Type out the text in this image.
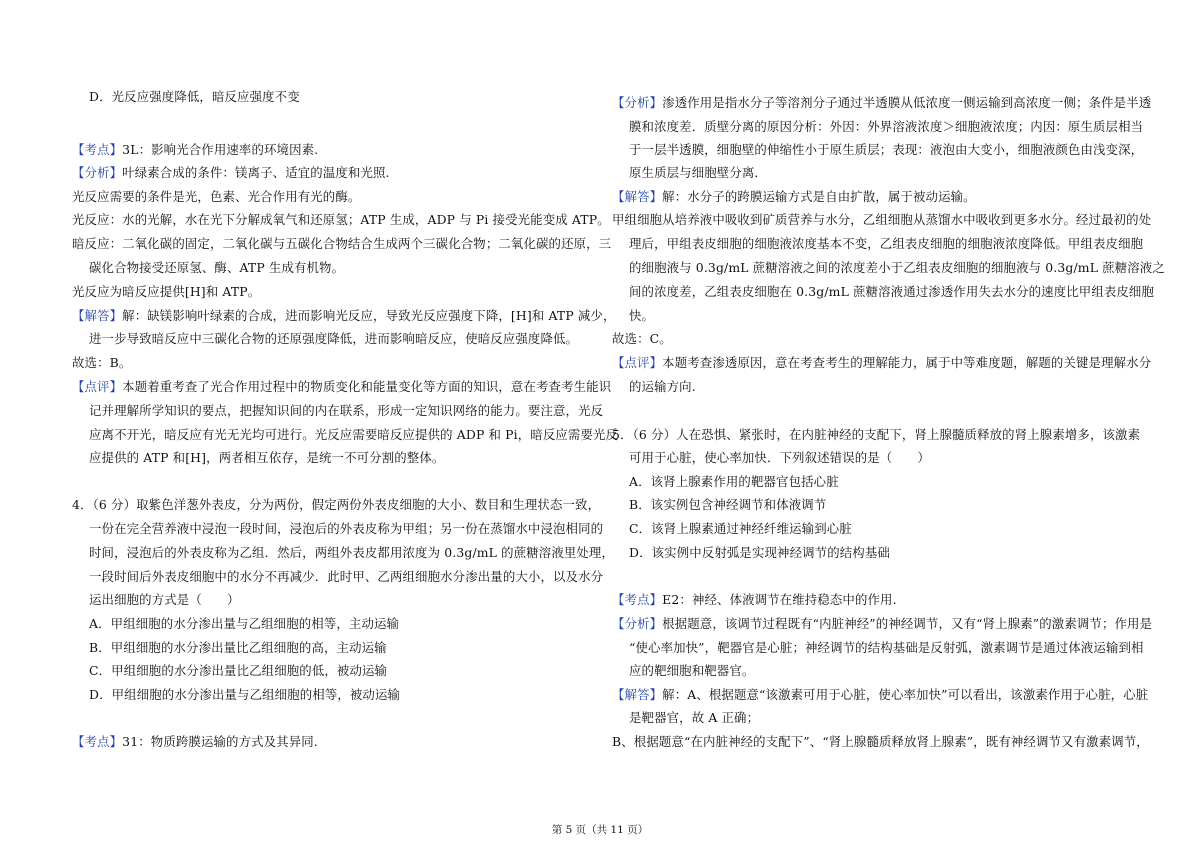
D．光反应强度降低，暗反应强度不变
【考点】3L：影响光合作用速率的环境因素.
【分析】叶绿素合成的条件：镁离子、适宜的温度和光照.
光反应需要的条件是光，色素、光合作用有光的酶。
光反应：水的光解，水在光下分解成氧气和还原氢；ATP 生成，ADP 与 Pi 接受光能变成 ATP。
暗反应：二氧化碳的固定，二氧化碳与五碳化合物结合生成两个三碳化合物；二氧化碳的还原，三
碳化合物接受还原氢、酶、ATP 生成有机物。
光反应为暗反应提供[H]和 ATP。
【解答】解：缺镁影响叶绿素的合成，进而影响光反应，导致光反应强度下降，[H]和 ATP 减少，
进一步导致暗反应中三碳化合物的还原强度降低，进而影响暗反应，使暗反应强度降低。
故选：B。
【点评】本题着重考查了光合作用过程中的物质变化和能量变化等方面的知识，意在考查考生能识
记并理解所学知识的要点，把握知识间的内在联系，形成一定知识网络的能力。要注意，光反
应离不开光，暗反应有光无光均可进行。光反应需要暗反应提供的 ADP 和 Pi，暗反应需要光反
应提供的 ATP 和[H]，两者相互依存，是统一不可分割的整体。
4．（6 分）取紫色洋葱外表皮，分为两份，假定两份外表皮细胞的大小、数目和生理状态一致，
一份在完全营养液中浸泡一段时间，浸泡后的外表皮称为甲组；另一份在蒸馏水中浸泡相同的
时间，浸泡后的外表皮称为乙组．然后，两组外表皮都用浓度为 0.3g/mL 的蔗糖溶液里处理，
一段时间后外表皮细胞中的水分不再减少．此时甲、乙两组细胞水分渗出量的大小，以及水分
运出细胞的方式是（　　）
A．甲组细胞的水分渗出量与乙组细胞的相等，主动运输
B．甲组细胞的水分渗出量比乙组细胞的高，主动运输
C．甲组细胞的水分渗出量比乙组细胞的低，被动运输
D．甲组细胞的水分渗出量与乙组细胞的相等，被动运输
【考点】31：物质跨膜运输的方式及其异同.
【分析】渗透作用是指水分子等溶剂分子通过半透膜从低浓度一侧运输到高浓度一侧；条件是半透
膜和浓度差．质壁分离的原因分析：外因：外界溶液浓度＞细胞液浓度；内因：原生质层相当
于一层半透膜，细胞壁的伸缩性小于原生质层；表现：液泡由大变小，细胞液颜色由浅变深，
原生质层与细胞壁分离．
【解答】解：水分子的跨膜运输方式是自由扩散，属于被动运输。
甲组细胞从培养液中吸收到矿质营养与水分，乙组细胞从蒸馏水中吸收到更多水分。经过最初的处
理后，甲组表皮细胞的细胞液浓度基本不变，乙组表皮细胞的细胞液浓度降低。甲组表皮细胞
的细胞液与 0.3g/mL 蔗糖溶液之间的浓度差小于乙组表皮细胞的细胞液与 0.3g/mL 蔗糖溶液之
间的浓度差，乙组表皮细胞在 0.3g/mL 蔗糖溶液通过渗透作用失去水分的速度比甲组表皮细胞
快。
故选：C。
【点评】本题考查渗透原因，意在考查考生的理解能力，属于中等难度题，解题的关键是理解水分
的运输方向.
5．（6 分）人在恐惧、紧张时，在内脏神经的支配下，肾上腺髓质释放的肾上腺素增多，该激素
可用于心脏，使心率加快．下列叙述错误的是（　　）
A．该肾上腺素作用的靶器官包括心脏
B．该实例包含神经调节和体液调节
C．该肾上腺素通过神经纤维运输到心脏
D．该实例中反射弧是实现神经调节的结构基础
【考点】E2：神经、体液调节在维持稳态中的作用.
【分析】根据题意，该调节过程既有“内脏神经”的神经调节，又有“肾上腺素”的激素调节；作用是
“使心率加快”，靶器官是心脏；神经调节的结构基础是反射弧，激素调节是通过体液运输到相
应的靶细胞和靶器官。
【解答】解：A、根据题意“该激素可用于心脏，使心率加快”可以看出，该激素作用于心脏，心脏
是靶器官，故 A 正确；
B、根据题意“在内脏神经的支配下”、“肾上腺髓质释放肾上腺素”，既有神经调节又有激素调节，
第 5 页（共 11 页）
